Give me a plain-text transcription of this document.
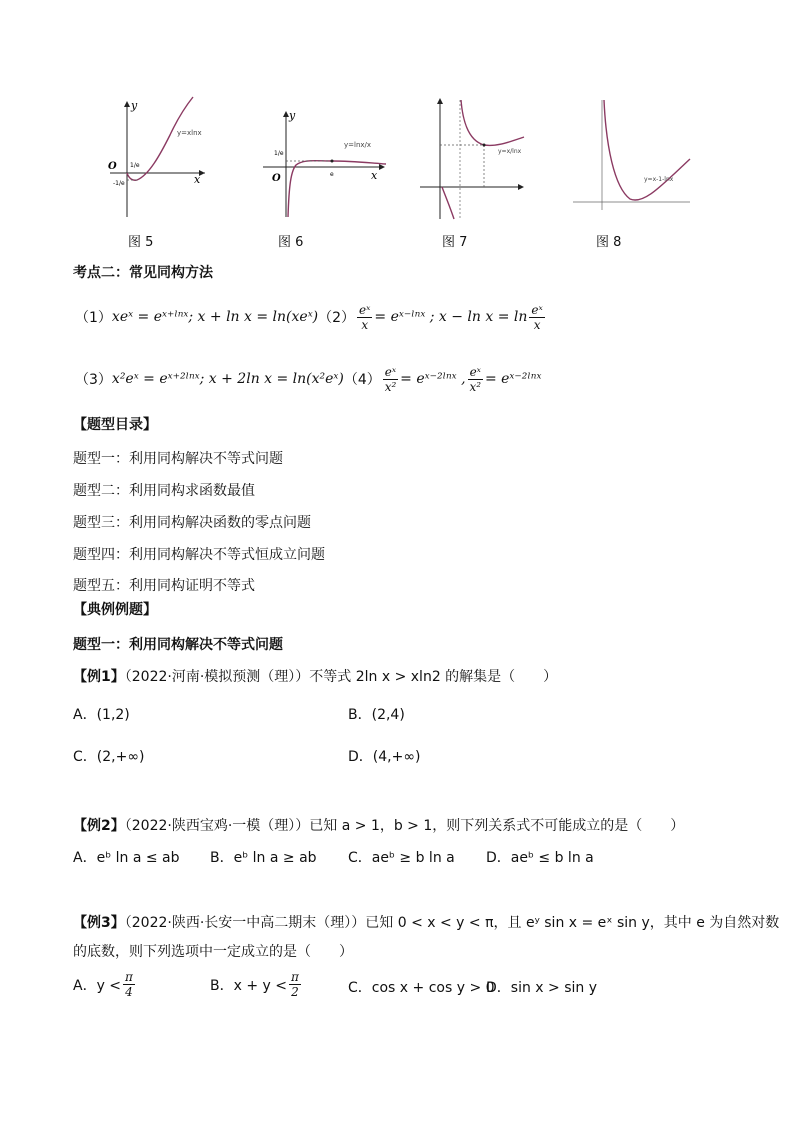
O
x
y
1/e
-1/e
y=xlnx
图 5
O	x
y
1/e
e
y=lnx/x
图 6
y=x/lnx
图 7
y=x-1-lnx
图 8
考点二：常见同构方法
（1） xeˣ = eˣ⁺ˡⁿˣ; x + ln x = ln(xeˣ) $(2) \frac{\text{eˣ}}{x}$ = eˣ⁻ˡⁿˣ ; $x - \ln x = \ln \frac{\text{eˣ}}{x}$
（3） x²eˣ = eˣ⁺²ˡⁿˣ; x + 2ln x = ln(x²eˣ) $(4) \frac{\text{eˣ}}{\text{x²}}$ = eˣ⁻²ˡⁿˣ , $\frac{\text{eˣ}}{\text{x²}}$ = eˣ⁻²ˡⁿˣ
【题型目录】
题型一：利用同构解决不等式问题
题型二：利用同构求函数最值
题型三：利用同构解决函数的零点问题
题型四：利用同构解决不等式恒成立问题
题型五：利用同构证明不等式
【典例例题】
题型一：利用同构解决不等式问题
【例1】（2022·河南·模拟预测（理））不等式 2ln x > xln2 的解集是（　　）
A．(1,2)	B．(2,4)
C．(2,+∞)	D．(4,+∞)
【例2】（2022·陕西宝鸡·一模（理））已知 a > 1，b > 1，则下列关系式不可能成立的是（　　）
A．eᵇ ln a ≤ ab B．eᵇ ln a ≥ ab C．aeᵇ ≥ b ln a D．aeᵇ ≤ b ln a
【例3】（2022·陕西·长安一中高二期末（理））已知 0 < x < y < π，且 eʸ sin x = eˣ sin y，其中 e 为自然对数
的底数，则下列选项中一定成立的是（　　）
A．$y < \frac{\pi}{4}$	B．$x + y < \frac{\pi}{2}$	C．cos x + cos y > 0
D．sin x > sin y
